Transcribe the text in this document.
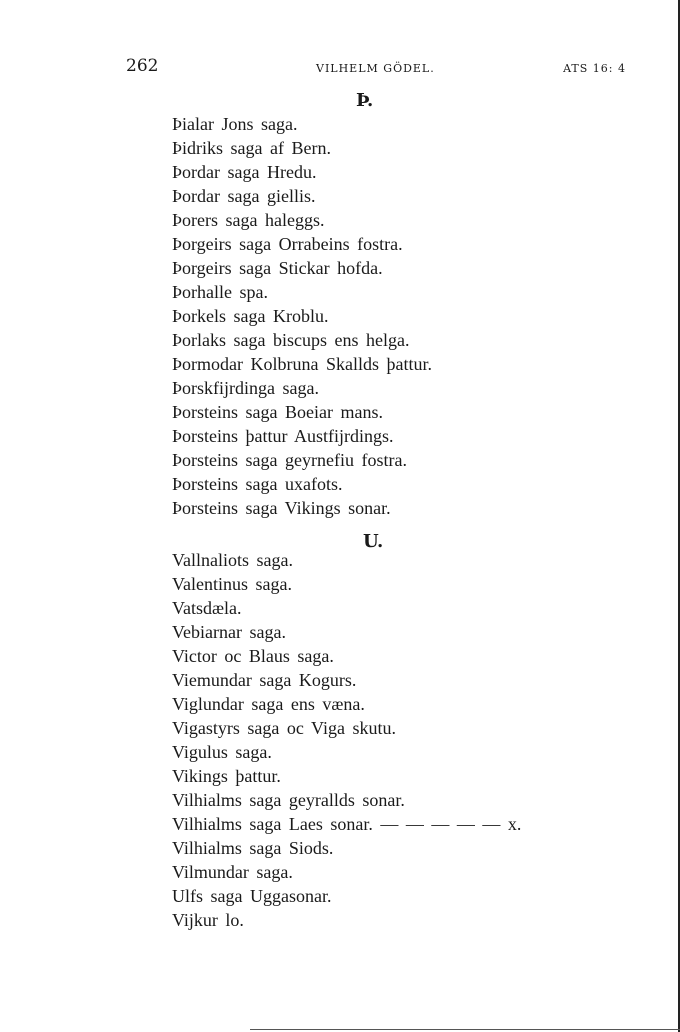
262	VILHELM GÖDEL.	ATS 16: 4
Þ.
Þialar Jons saga.
Þidriks saga af Bern.
Þordar saga Hredu.
Þordar saga giellis.
Þorers saga haleggs.
Þorgeirs saga Orrabeins fostra.
Þorgeirs saga Stickar hofda.
Þorhalle spa.
Þorkels saga Kroblu.
Þorlaks saga biscups ens helga.
Þormodar Kolbruna Skallds þattur.
Þorskfijrdinga saga.
Þorsteins saga Boeiar mans.
Þorsteins þattur Austfijrdings.
Þorsteins saga geyrnefiu fostra.
Þorsteins saga uxafots.
Þorsteins saga Vikings sonar.
U.
Vallnaliots saga.
Valentinus saga.
Vatsdæla.
Vebiarnar saga.
Victor oc Blaus saga.
Viemundar saga Kogurs.
Viglundar saga ens væna.
Vigastyrs saga oc Viga skutu.
Vigulus saga.
Vikings þattur.
Vilhialms saga geyrallds sonar.
Vilhialms saga Laes sonar. — — — — — x.
Vilhialms saga Siods.
Vilmundar saga.
Ulfs saga Uggasonar.
Vijkur lo.
